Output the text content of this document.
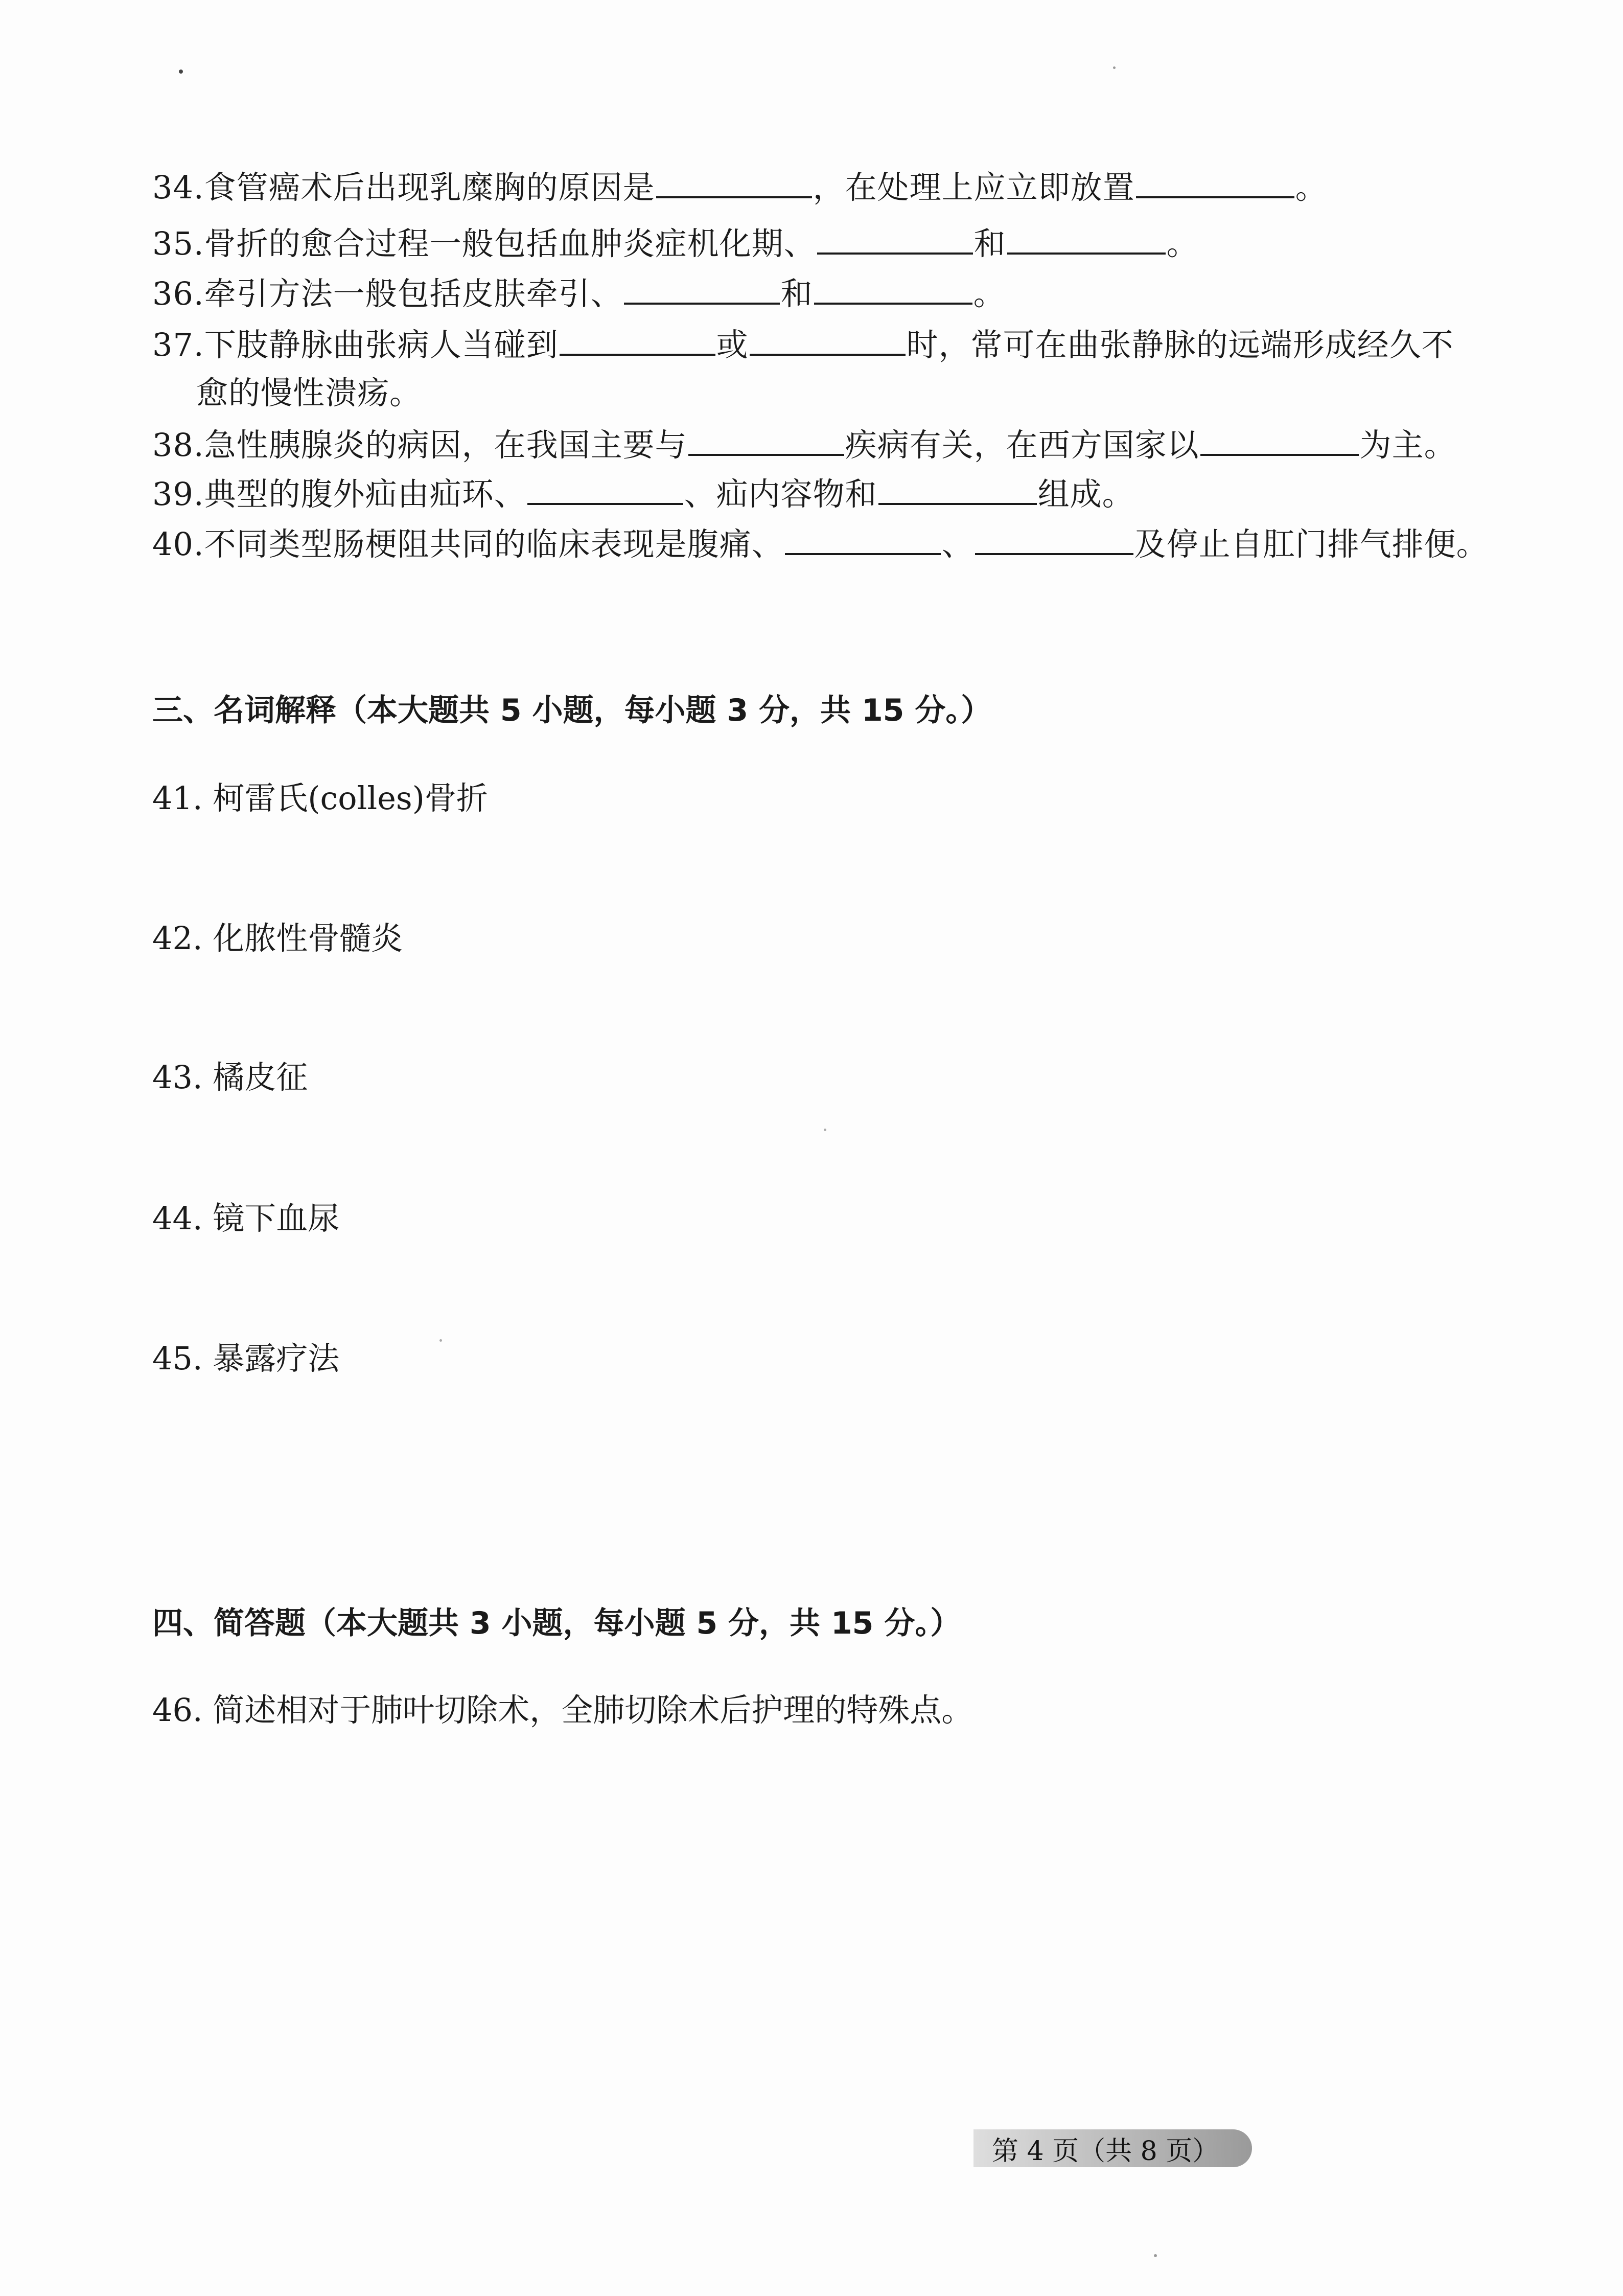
34.食管癌术后出现乳糜胸的原因是	，在处理上应立即放置	。
35.骨折的愈合过程一般包括血肿炎症机化期、	和	。
36.牵引方法一般包括皮肤牵引、	和	。
37.下肢静脉曲张病人当碰到	或	时，常可在曲张静脉的远端形成经久不
愈的慢性溃疡。
38.急性胰腺炎的病因，在我国主要与	疾病有关，在西方国家以	为主。
39.典型的腹外疝由疝环、	、疝内容物和	组成。
40.不同类型肠梗阻共同的临床表现是腹痛、	、	及停止自肛门排气排便。
三、名词解释（本大题共 5 小题，每小题 3 分，共 15 分。）
41. 柯雷氏(colles)骨折
42. 化脓性骨髓炎
43. 橘皮征
44. 镜下血尿
45. 暴露疗法
四、简答题（本大题共 3 小题，每小题 5 分，共 15 分。）
46. 简述相对于肺叶切除术，全肺切除术后护理的特殊点。
第 4 页（共 8 页）
